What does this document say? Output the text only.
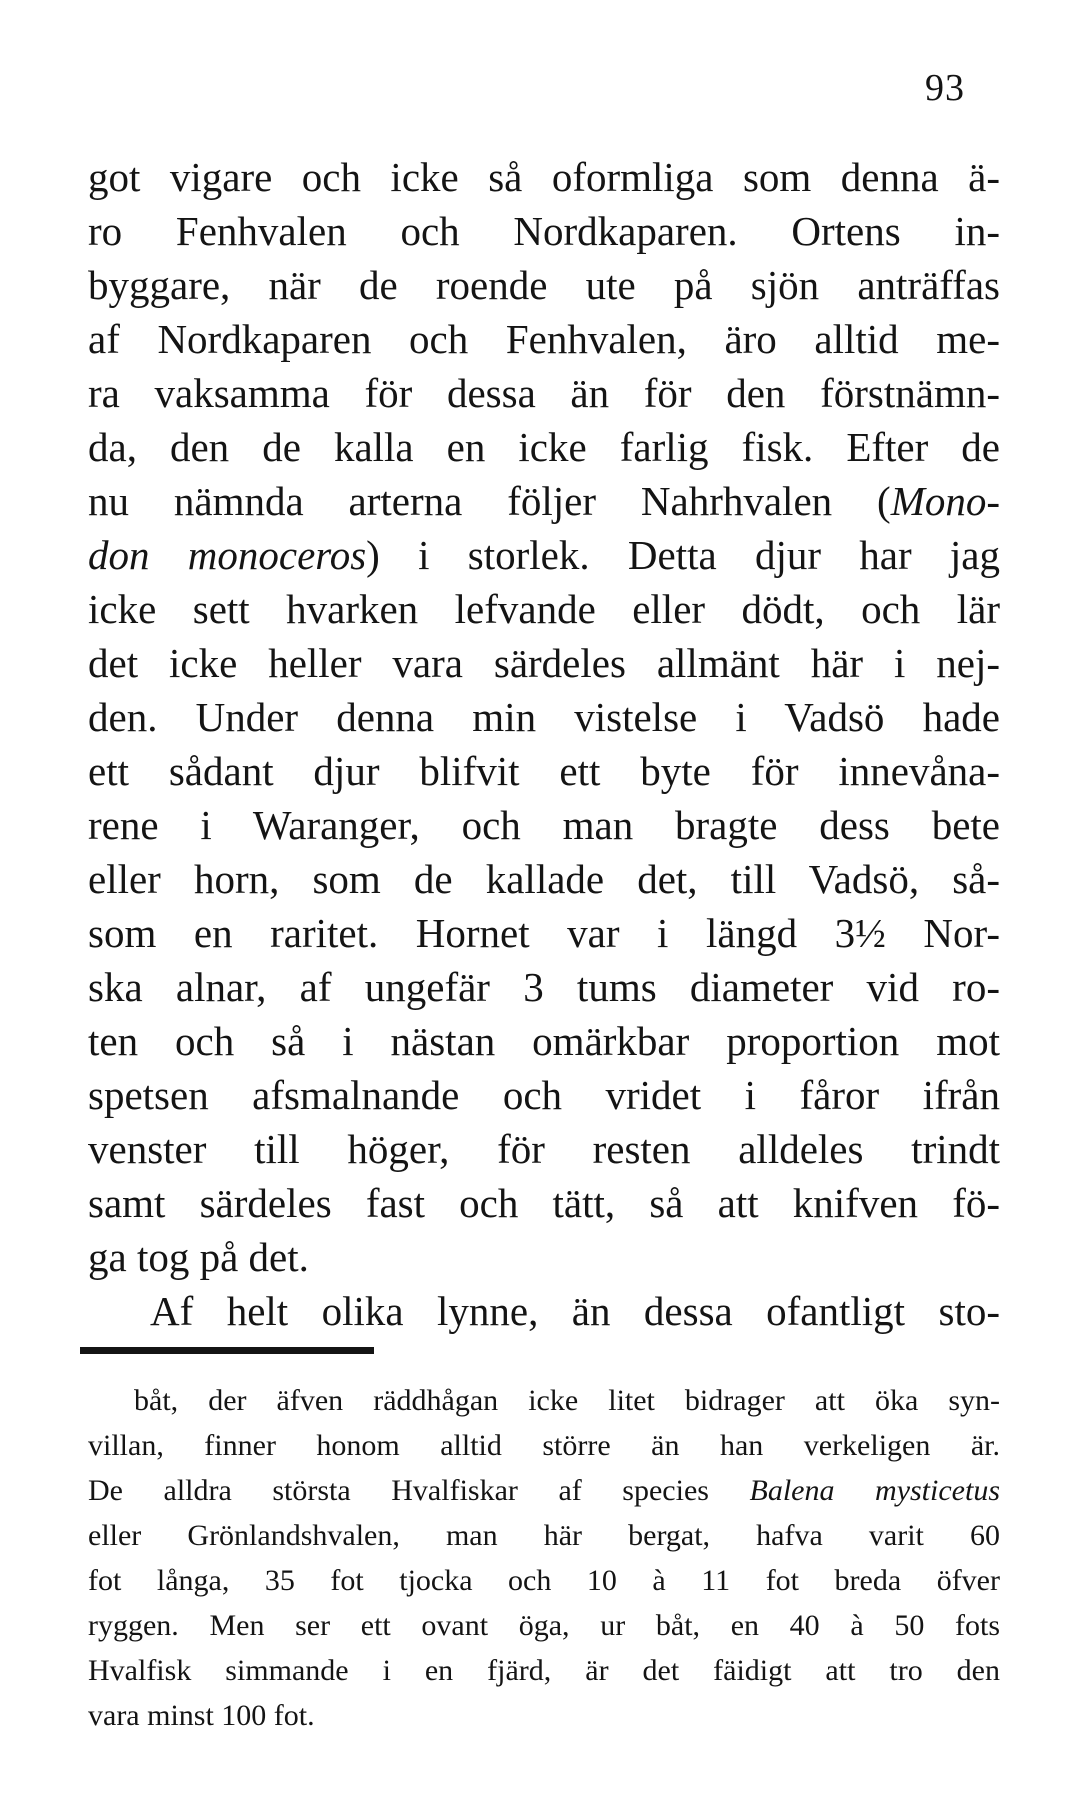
93
got vigare och icke så oformliga som denna ä-
ro Fenhvalen och Nordkaparen. Ortens in-
byggare, när de roende ute på sjön anträffas
af Nordkaparen och Fenhvalen, äro alltid me-
ra vaksamma för dessa än för den förstnämn-
da, den de kalla en icke farlig fisk. Efter de
nu nämnda arterna följer Nahrhvalen (Mono-
don monoceros) i storlek. Detta djur har jag
icke sett hvarken lefvande eller dödt, och lär
det icke heller vara särdeles allmänt här i nej-
den. Under denna min vistelse i Vadsö hade
ett sådant djur blifvit ett byte för innevåna-
rene i Waranger, och man bragte dess bete
eller horn, som de kallade det, till Vadsö, så-
som en raritet. Hornet var i längd 3½ Nor-
ska alnar, af ungefär 3 tums diameter vid ro-
ten och så i nästan omärkbar proportion mot
spetsen afsmalnande och vridet i fåror ifrån
venster till höger, för resten alldeles trindt
samt särdeles fast och tätt, så att knifven fö-
ga tog på det.
Af helt olika lynne, än dessa ofantligt sto-
båt, der äfven räddhågan icke litet bidrager att öka syn-
villan, finner honom alltid större än han verkeligen är.
De alldra största Hvalfiskar af species Balena mysticetus
eller Grönlandshvalen, man här bergat, hafva varit 60
fot långa, 35 fot tjocka och 10 à 11 fot breda öfver
ryggen. Men ser ett ovant öga, ur båt, en 40 à 50 fots
Hvalfisk simmande i en fjärd, är det fäidigt att tro den
vara minst 100 fot.
